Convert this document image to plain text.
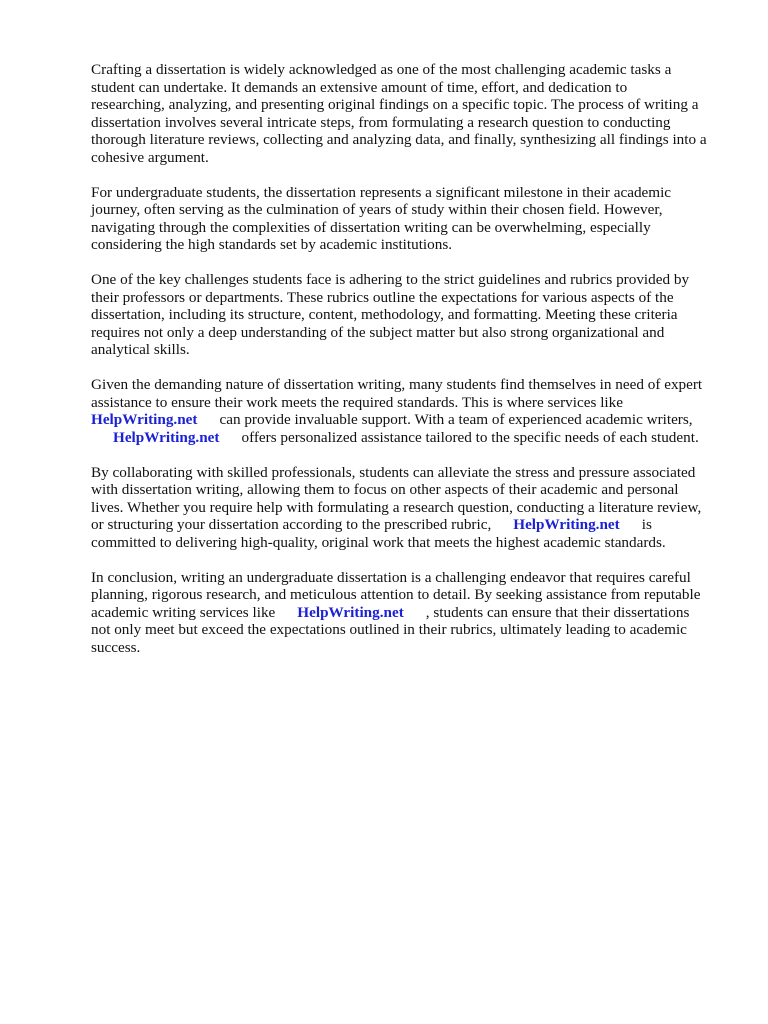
Crafting a dissertation is widely acknowledged as one of the most challenging academic tasks a
student can undertake. It demands an extensive amount of time, effort, and dedication to
researching, analyzing, and presenting original findings on a specific topic. The process of writing a
dissertation involves several intricate steps, from formulating a research question to conducting
thorough literature reviews, collecting and analyzing data, and finally, synthesizing all findings into a
cohesive argument.

For undergraduate students, the dissertation represents a significant milestone in their academic
journey, often serving as the culmination of years of study within their chosen field. However,
navigating through the complexities of dissertation writing can be overwhelming, especially
considering the high standards set by academic institutions.

One of the key challenges students face is adhering to the strict guidelines and rubrics provided by
their professors or departments. These rubrics outline the expectations for various aspects of the
dissertation, including its structure, content, methodology, and formatting. Meeting these criteria
requires not only a deep understanding of the subject matter but also strong organizational and
analytical skills.

Given the demanding nature of dissertation writing, many students find themselves in need of expert
assistance to ensure their work meets the required standards. This is where services like
HelpWriting.net can provide invaluable support. With a team of experienced academic writers,
HelpWriting.net offers personalized assistance tailored to the specific needs of each student.

By collaborating with skilled professionals, students can alleviate the stress and pressure associated
with dissertation writing, allowing them to focus on other aspects of their academic and personal
lives. Whether you require help with formulating a research question, conducting a literature review,
or structuring your dissertation according to the prescribed rubric, HelpWriting.net is
committed to delivering high-quality, original work that meets the highest academic standards.

In conclusion, writing an undergraduate dissertation is a challenging endeavor that requires careful
planning, rigorous research, and meticulous attention to detail. By seeking assistance from reputable
academic writing services like HelpWriting.net , students can ensure that their dissertations
not only meet but exceed the expectations outlined in their rubrics, ultimately leading to academic
success.
